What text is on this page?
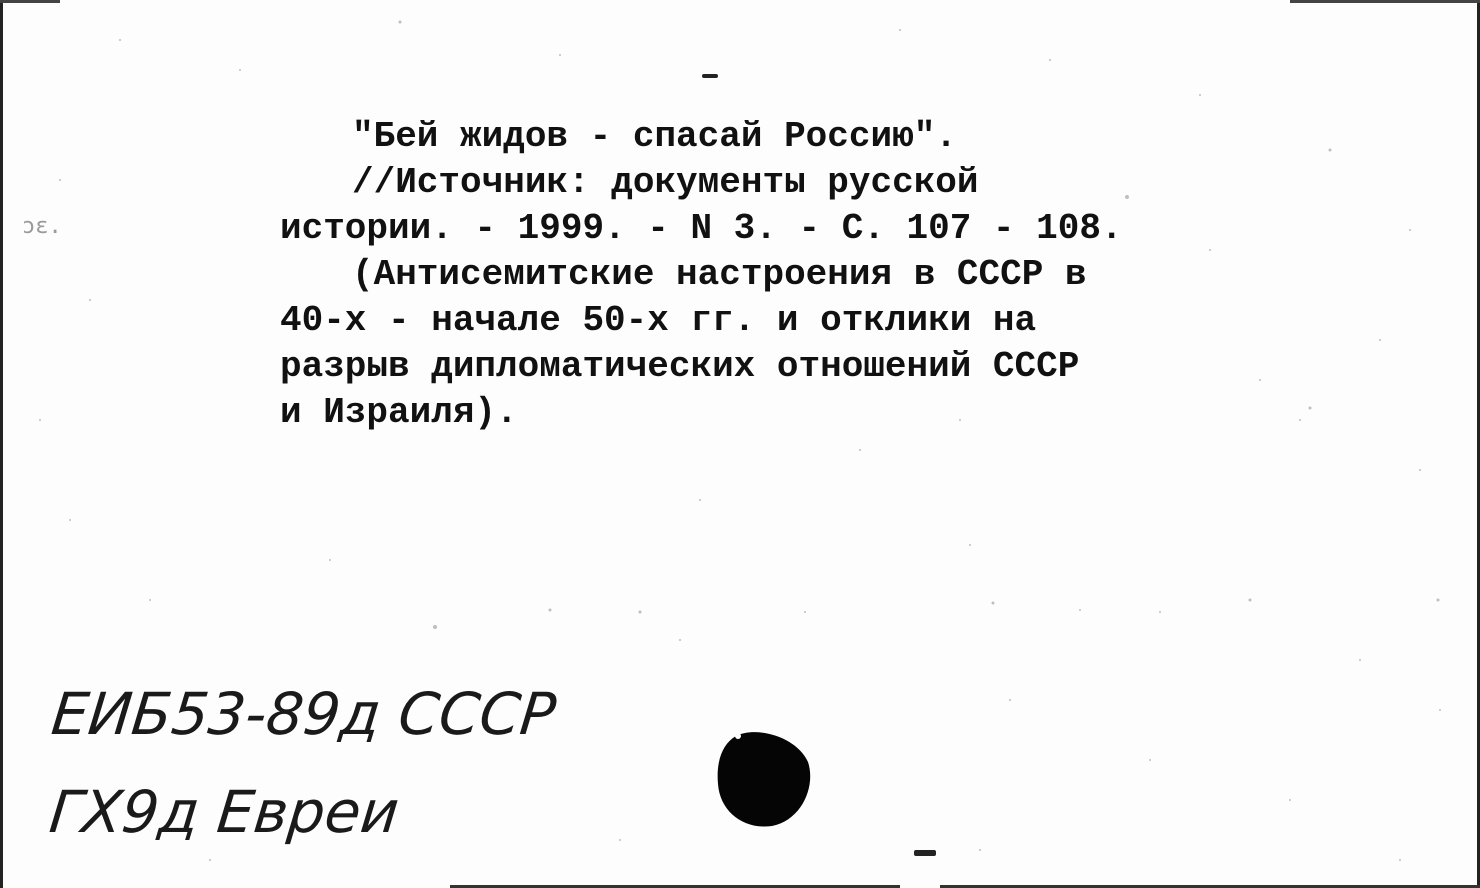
ɔɛ.
"Бей жидов - спасай Россию".
//Источник: документы русской
истории. - 1999. - N 3. - С. 107 - 108.
(Антисемитские настроения в СССР в
40-х - начале 50-х гг. и отклики на
разрыв дипломатических отношений СССР
и Израиля).
EИБ53-89д СССР
ГХ9д Евреи
